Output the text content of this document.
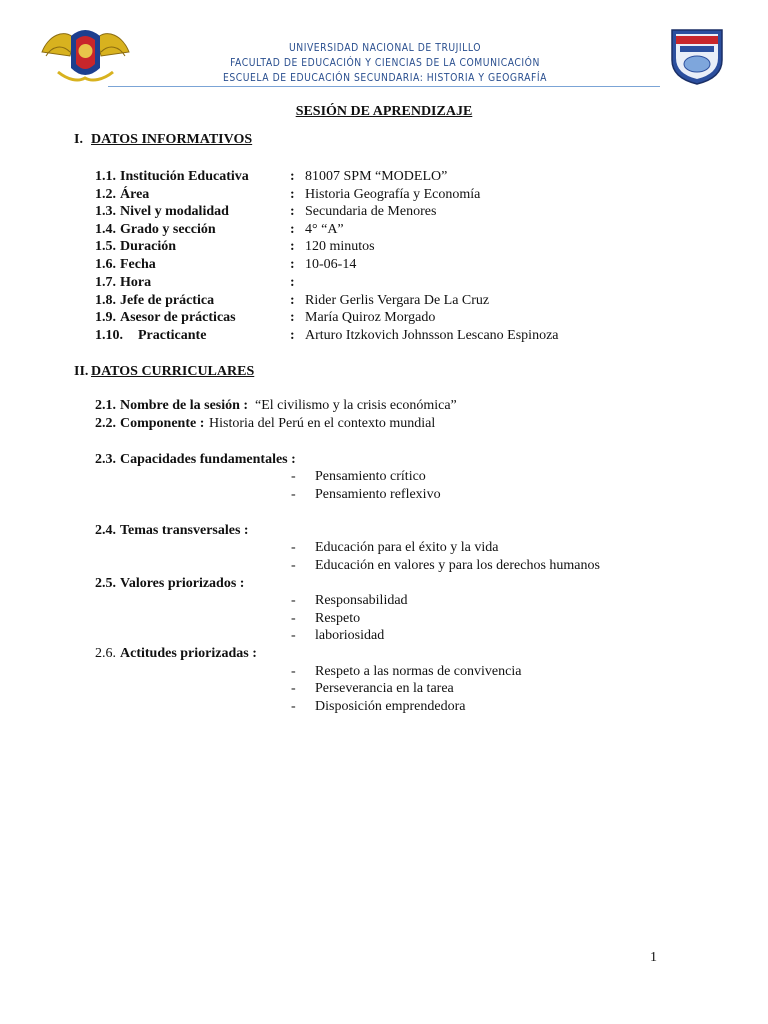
UNIVERSIDAD NACIONAL DE TRUJILLO
FACULTAD DE EDUCACIÓN Y CIENCIAS DE LA COMUNICACIÓN
ESCUELA DE EDUCACIÓN SECUNDARIA: HISTORIA Y GEOGRAFÍA
SESIÓN DE APRENDIZAJE
I. DATOS INFORMATIVOS
1.1. Institución Educativa	: 81007 SPM “MODELO”
1.2. Área	: Historia Geografía y Economía
1.3. Nivel y modalidad	: Secundaria de Menores
1.4. Grado y sección	: 4° “A”
1.5. Duración	: 120 minutos
1.6. Fecha	: 10-06-14
1.7. Hora	:
1.8. Jefe de práctica	: Rider Gerlis Vergara De La Cruz
1.9. Asesor de prácticas	: María Quiroz Morgado
1.10. Practicante	: Arturo Itzkovich Johnsson Lescano Espinoza
II. DATOS CURRICULARES
2.1. Nombre de la sesión : “El civilismo y la crisis económica”
2.2. Componente : Historia del Perú en el contexto mundial
2.3. Capacidades fundamentales :
- Pensamiento crítico
- Pensamiento reflexivo
2.4. Temas transversales :
- Educación para el éxito y la vida
- Educación en valores y para los derechos humanos
2.5. Valores priorizados :
- Responsabilidad
- Respeto
- laboriosidad
2.6. Actitudes priorizadas :
- Respeto a las normas de convivencia
- Perseverancia en la tarea
- Disposición emprendedora
1
